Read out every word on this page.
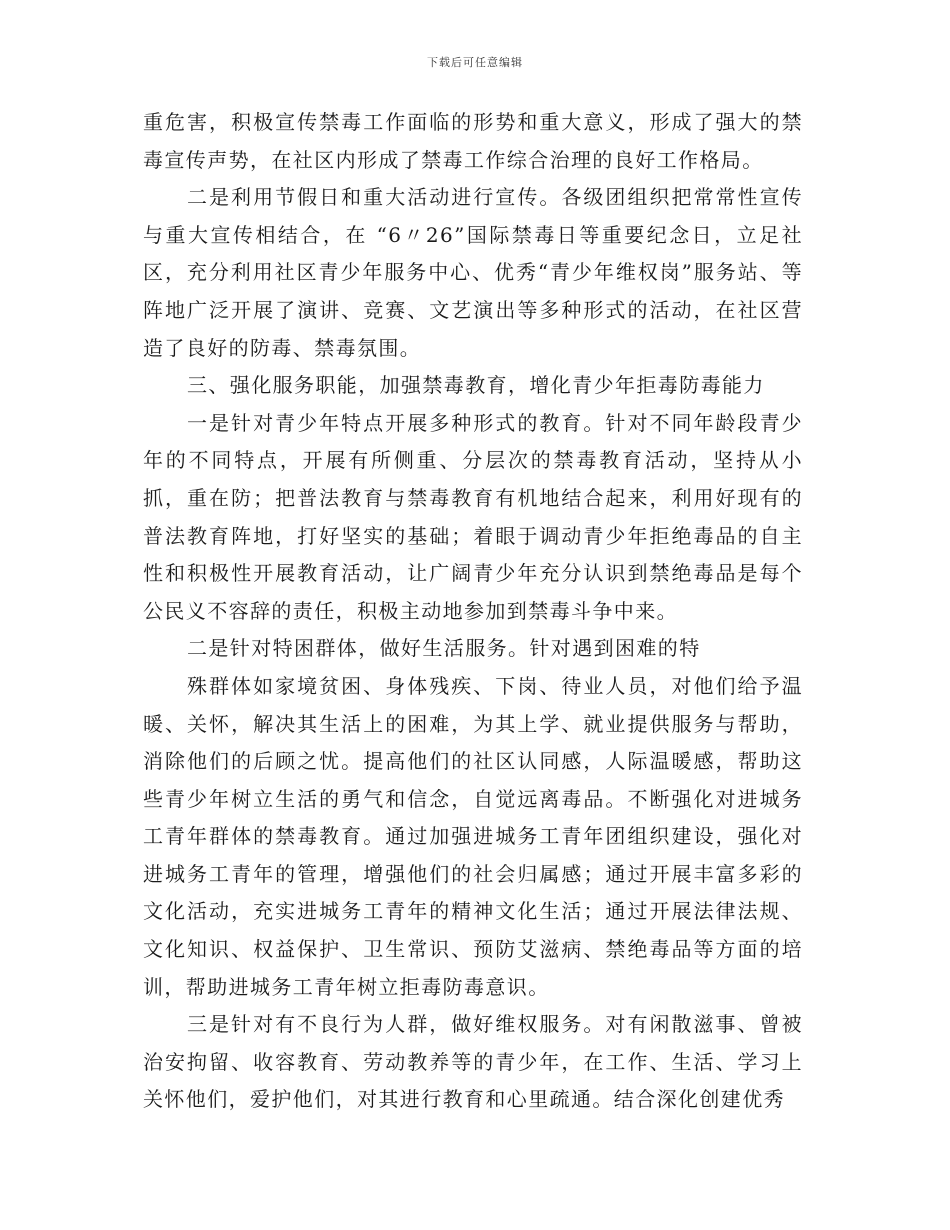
下载后可任意编辑

重危害，积极宣传禁毒工作面临的形势和重大意义，形成了强大的禁毒宣传声势，在社区内形成了禁毒工作综合治理的良好工作格局。

二是利用节假日和重大活动进行宣传。各级团组织把常常性宣传与重大宣传相结合，在 “6〃26”国际禁毒日等重要纪念日，立足社区，充分利用社区青少年服务中心、优秀“青少年维权岗”服务站、等阵地广泛开展了演讲、竞赛、文艺演出等多种形式的活动，在社区营造了良好的防毒、禁毒氛围。

三、强化服务职能，加强禁毒教育，增化青少年拒毒防毒能力

一是针对青少年特点开展多种形式的教育。针对不同年龄段青少年的不同特点，开展有所侧重、分层次的禁毒教育活动，坚持从小抓，重在防；把普法教育与禁毒教育有机地结合起来，利用好现有的普法教育阵地，打好坚实的基础；着眼于调动青少年拒绝毒品的自主性和积极性开展教育活动，让广阔青少年充分认识到禁绝毒品是每个公民义不容辞的责任，积极主动地参加到禁毒斗争中来。

二是针对特困群体，做好生活服务。针对遇到困难的特

殊群体如家境贫困、身体残疾、下岗、待业人员，对他们给予温暖、关怀，解决其生活上的困难，为其上学、就业提供服务与帮助，消除他们的后顾之忧。提高他们的社区认同感，人际温暖感，帮助这些青少年树立生活的勇气和信念，自觉远离毒品。不断强化对进城务工青年群体的禁毒教育。通过加强进城务工青年团组织建设，强化对进城务工青年的管理，增强他们的社会归属感；通过开展丰富多彩的文化活动，充实进城务工青年的精神文化生活；通过开展法律法规、文化知识、权益保护、卫生常识、预防艾滋病、禁绝毒品等方面的培训，帮助进城务工青年树立拒毒防毒意识。

三是针对有不良行为人群，做好维权服务。对有闲散滋事、曾被治安拘留、收容教育、劳动教养等的青少年，在工作、生活、学习上关怀他们，爱护他们，对其进行教育和心里疏通。结合深化创建优秀
